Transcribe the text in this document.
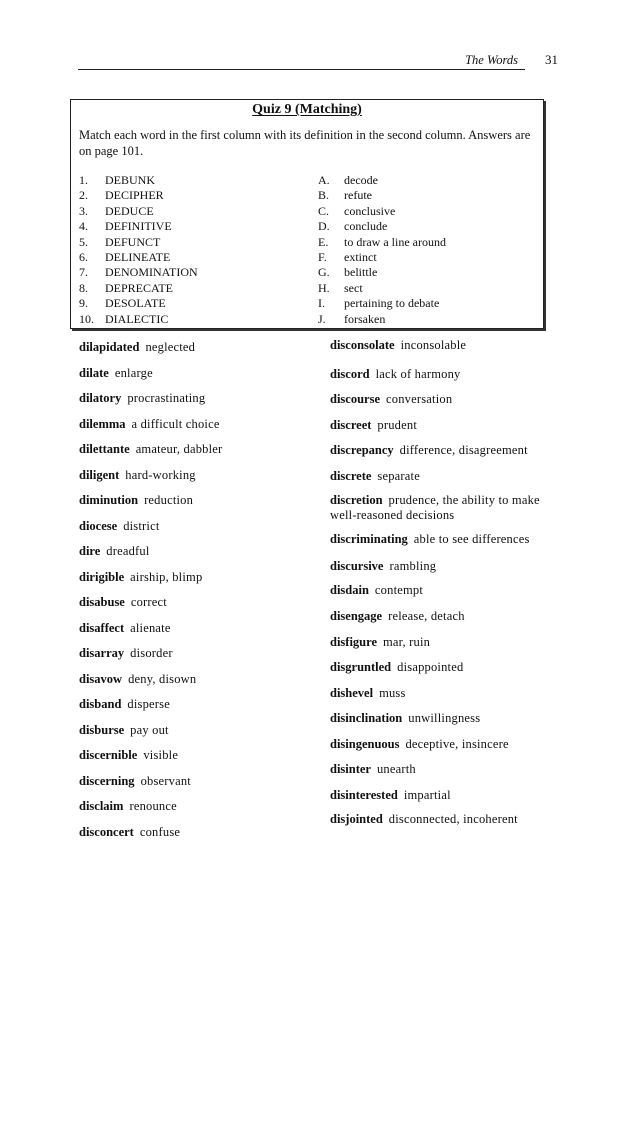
The Words 31
Quiz 9 (Matching)
Match each word in the first column with its definition in the second column. Answers are on page 101.
1. DEBUNK
2. DECIPHER
3. DEDUCE
4. DEFINITIVE
5. DEFUNCT
6. DELINEATE
7. DENOMINATION
8. DEPRECATE
9. DESOLATE
10. DIALECTIC
A. decode
B. refute
C. conclusive
D. conclude
E. to draw a line around
F. extinct
G. belittle
H. sect
I. pertaining to debate
J. forsaken
dilapidated neglected
dilate enlarge
dilatory procrastinating
dilemma a difficult choice
dilettante amateur, dabbler
diligent hard-working
diminution reduction
diocese district
dire dreadful
dirigible airship, blimp
disabuse correct
disaffect alienate
disarray disorder
disavow deny, disown
disband disperse
disburse pay out
discernible visible
discerning observant
disclaim renounce
disconcert confuse
disconsolate inconsolable
discord lack of harmony
discourse conversation
discreet prudent
discrepancy difference, disagreement
discrete separate
discretion prudence, the ability to make well-reasoned decisions
discriminating able to see differences
discursive rambling
disdain contempt
disengage release, detach
disfigure mar, ruin
disgruntled disappointed
dishevel muss
disinclination unwillingness
disingenuous deceptive, insincere
disinter unearth
disinterested impartial
disjointed disconnected, incoherent
